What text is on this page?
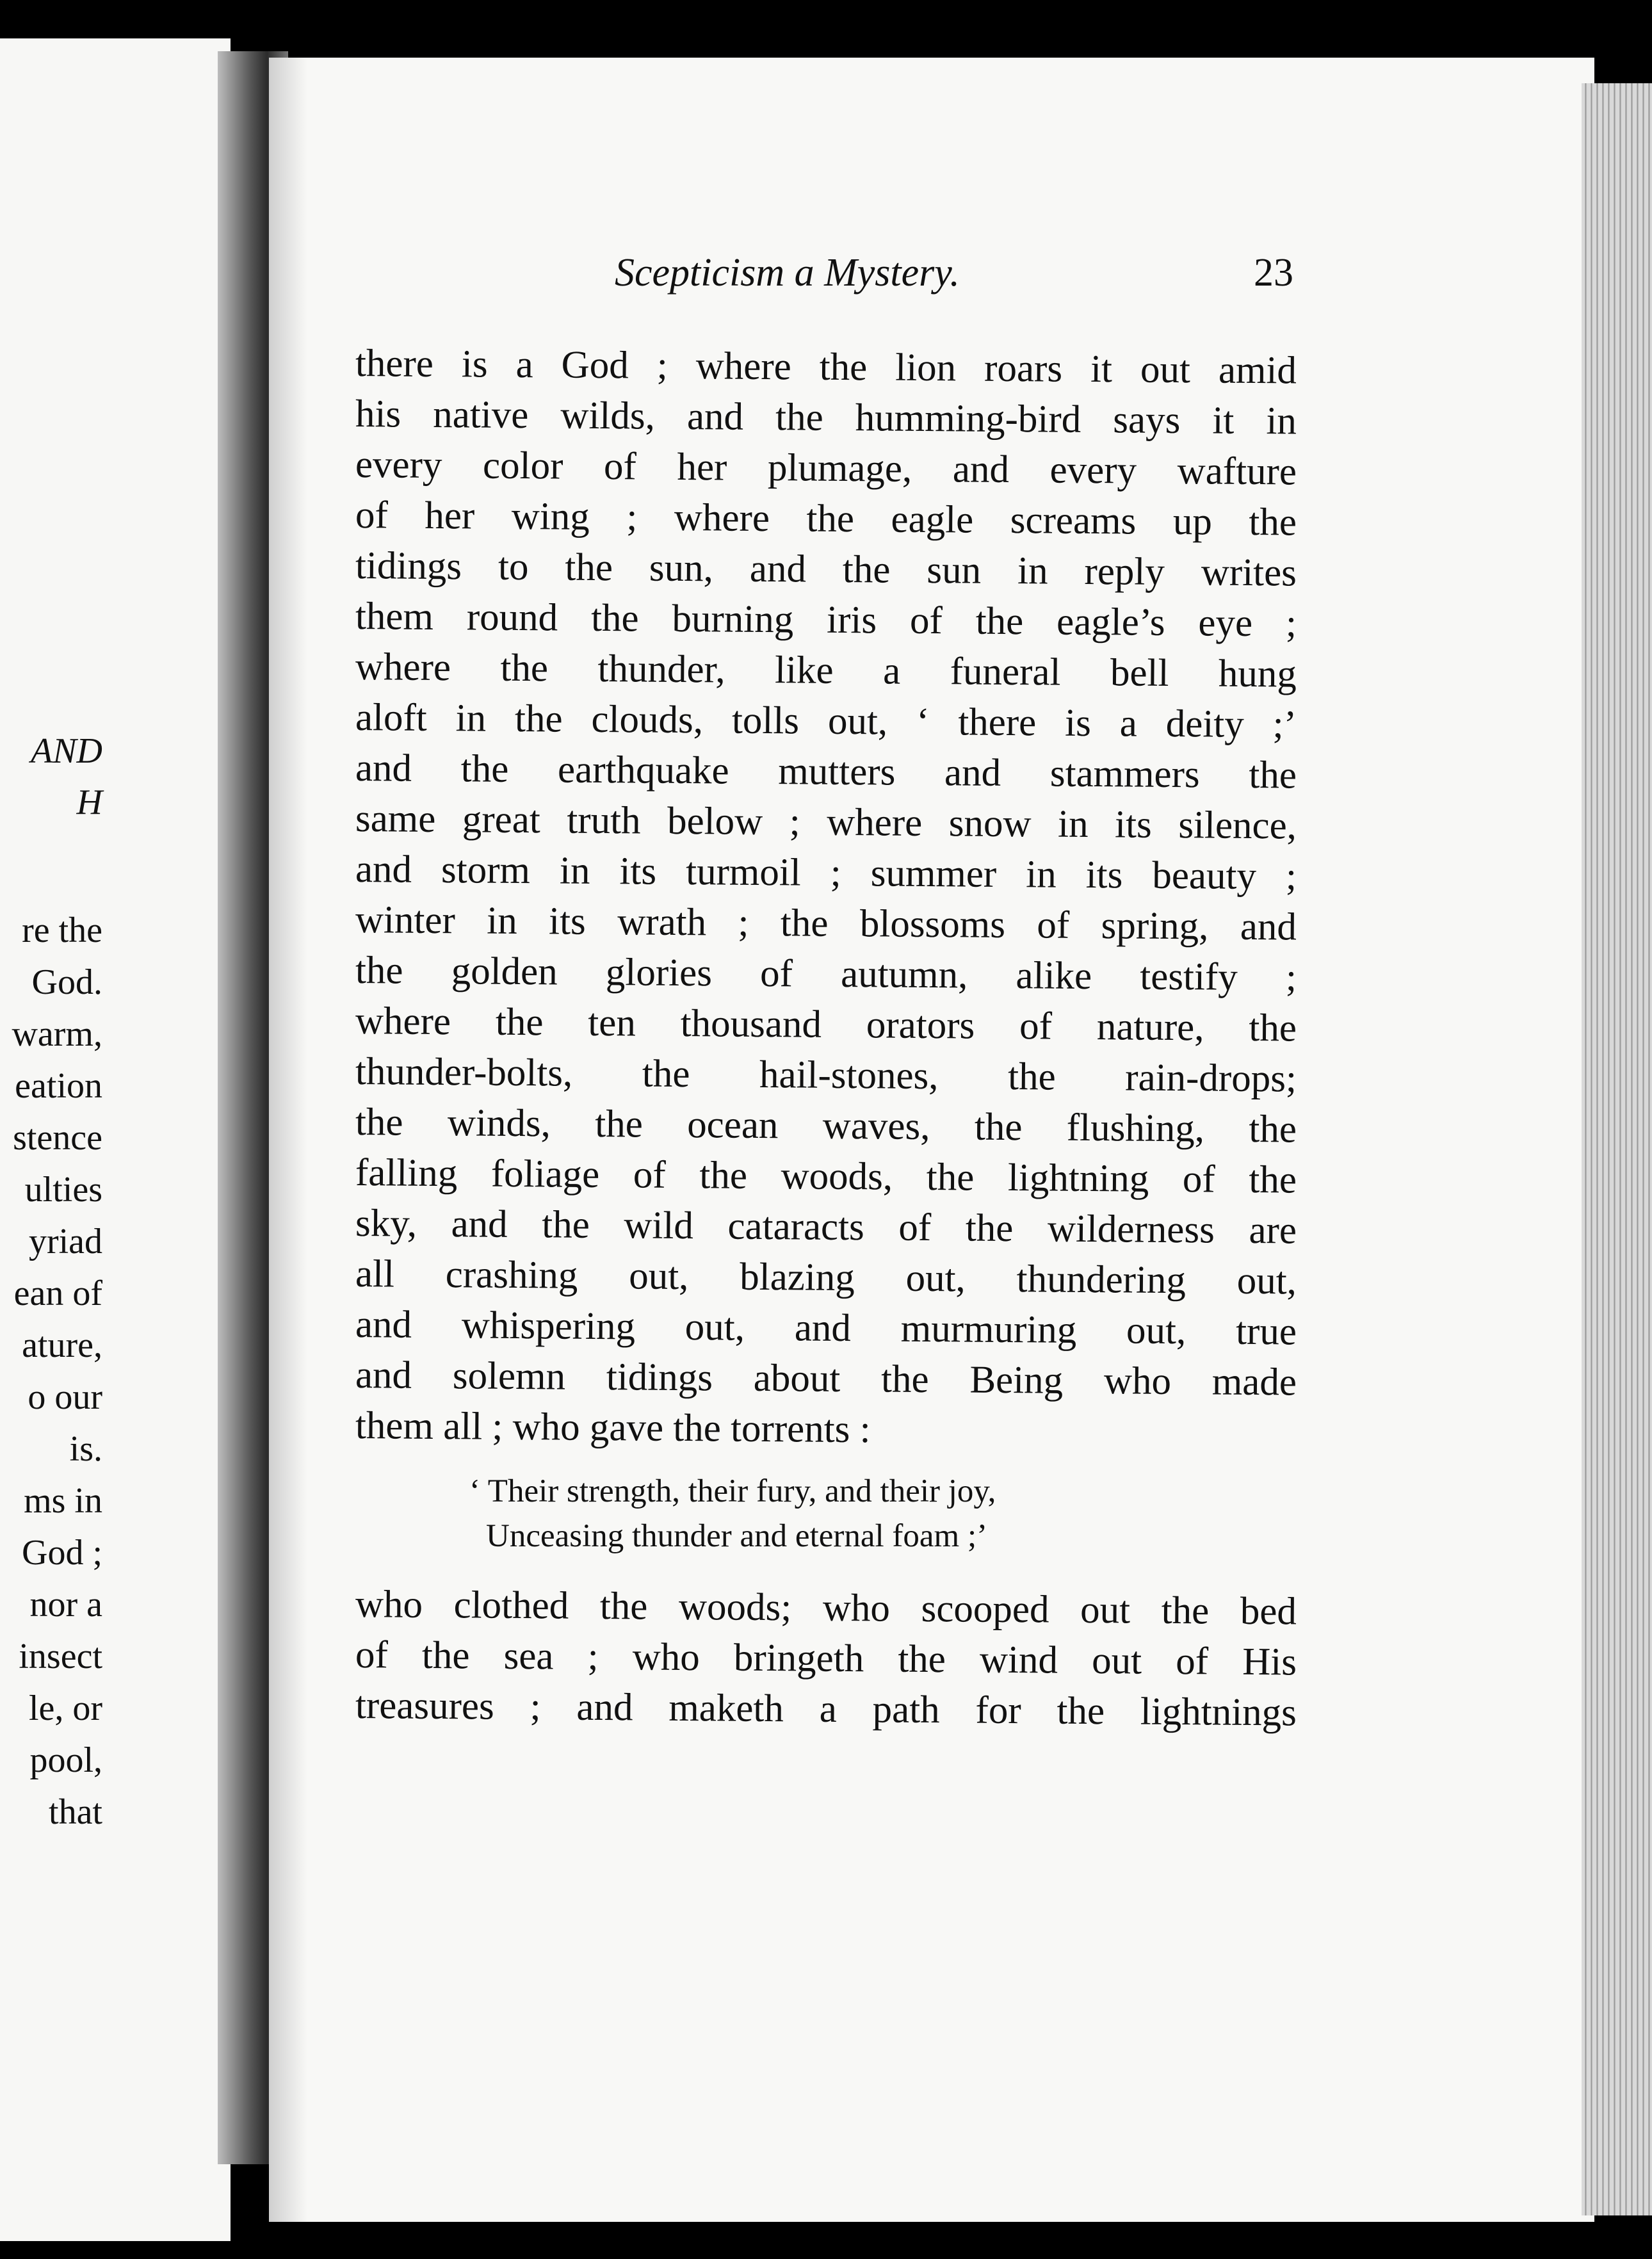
AND
H
re the
God.
warm,
eation
stence
ulties
yriad
ean of
ature,
o our
is.
ms in
God ;
nor a
insect
le, or
pool,
that
Scepticism a Mystery.	23
there is a God ; where the lion roars it out amid
his native wilds, and the humming-bird says it in
every color of her plumage, and every wafture
of her wing ; where the eagle screams up the
tidings to the sun, and the sun in reply writes
them round the burning iris of the eagle’s eye ;
where the thunder, like a funeral bell hung
aloft in the clouds, tolls out, ‘ there is a deity ;’
and the earthquake mutters and stammers the
same great truth below ; where snow in its silence,
and storm in its turmoil ; summer in its beauty ;
winter in its wrath ; the blossoms of spring, and
the golden glories of autumn, alike testify ;
where the ten thousand orators of nature, the
thunder-bolts, the hail-stones, the rain-drops;
the winds, the ocean waves, the flushing, the
falling foliage of the woods, the lightning of the
sky, and the wild cataracts of the wilderness are
all crashing out, blazing out, thundering out,
and whispering out, and murmuring out, true
and solemn tidings about the Being who made
them all ; who gave the torrents :
‘ Their strength, their fury, and their joy,
Unceasing thunder and eternal foam ;’
who clothed the woods; who scooped out the bed
of the sea ; who bringeth the wind out of His
treasures ; and maketh a path for the lightnings
